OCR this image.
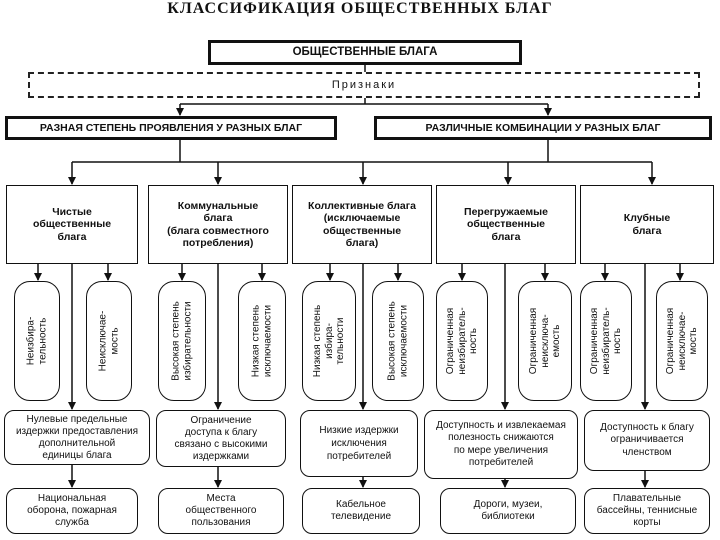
КЛАССИФИКАЦИЯ ОБЩЕСТВЕННЫХ БЛАГ
ОБЩЕСТВЕННЫЕ БЛАГА
Признаки
РАЗНАЯ СТЕПЕНЬ ПРОЯВЛЕНИЯ У РАЗНЫХ БЛАГ	РАЗЛИЧНЫЕ КОМБИНАЦИИ У РАЗНЫХ БЛАГ
Чистые
общественные
блага
Коммунальные
блага
(блага совместного
потребления)
Коллективные блага
(исключаемые
общественные
блага)
Перегружаемые
общественные
блага
Клубные
блага
Неизбира-
тельность	Неисключае-
мость	Высокая степень
избирательности	Низкая степень
исключаемости	Низкая степень
избира-
тельности	Высокая степень
исключаемости	Ограниченная
неизбиратель-
ность	Ограниченная
неисключа-
емость	Ограниченная
неизбиратель-
ность	Ограниченная
неисключае-
мость
Нулевые предельные
издержки предоставления
дополнительной
единицы блага
Ограничение
доступа к благу
связано с высокими
издержками
Низкие издержки
исключения
потребителей
Доступность и извлекаемая
полезность снижаются
по мере увеличения
потребителей
Доступность к благу
ограничивается
членством
Национальная
оборона, пожарная
служба
Места
общественного
пользования
Кабельное
телевидение
Дороги, музеи,
библиотеки
Плавательные
бассейны, теннисные
корты
